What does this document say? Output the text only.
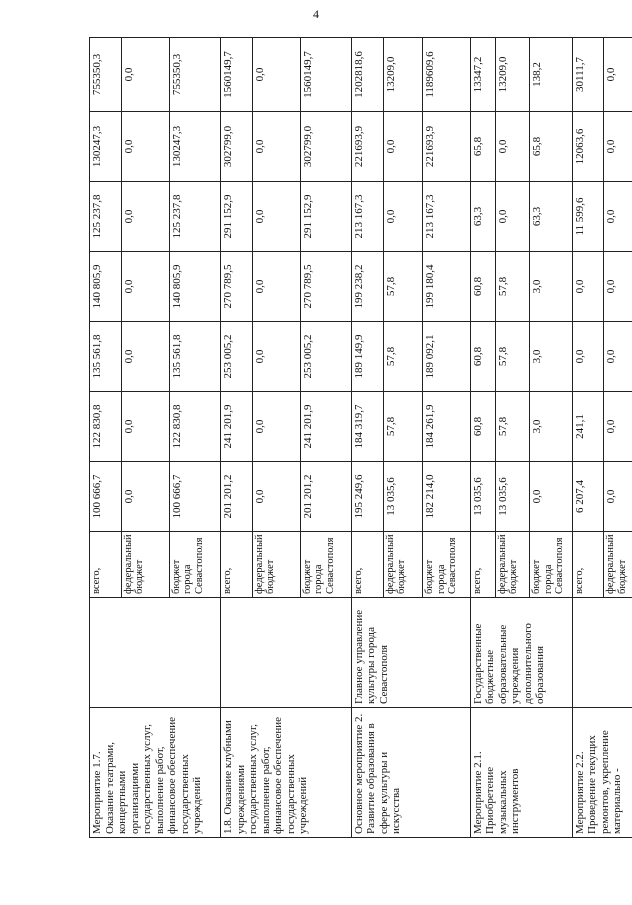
4
Мероприятие 1.7. Оказание театрами, концертными организациями государственных услуг, выполнение работ, финансовое обеспечение государственных учреждений		всего,	100 666,7	122 830,8	135 561,8	140 805,9	125 237,8	130247,3	755350,3
		федеральный бюджет	0,0	0,0	0,0	0,0	0,0	0,0	0,0
		бюджет города Севастополя	100 666,7	122 830,8	135 561,8	140 805,9	125 237,8	130247,3	755350,3
1.8. Оказание клубными учреждениями государственных услуг, выполнение работ, финансовое обеспечение государственных учреждений		всего,	201 201,2	241 201,9	253 005,2	270 789,5	291 152,9	302799,0	1560149,7
		федеральный бюджет	0,0	0,0	0,0	0,0	0,0	0,0	0,0
		бюджет города Севастополя	201 201,2	241 201,9	253 005,2	270 789,5	291 152,9	302799,0	1560149,7
Основное мероприятие 2. Развитие образования в сфере культуры и искусства	Главное управление культуры города Севастополя	всего,	195 249,6	184 319,7	189 149,9	199 238,2	213 167,3	221693,9	1202818,6
		федеральный бюджет	13 035,6	57,8	57,8	57,8	0,0	0,0	13209,0
		бюджет города Севастополя	182 214,0	184 261,9	189 092,1	199 180,4	213 167,3	221693,9	1189609,6
Мероприятие 2.1. Приобретение музыкальных инструментов	Государственные бюджетные образовательные учреждения дополнительного образования	всего,	13 035,6	60,8	60,8	60,8	63,3	65,8	13347,2
		федеральный бюджет	13 035,6	57,8	57,8	57,8	0,0	0,0	13209,0
		бюджет города Севастополя	0,0	3,0	3,0	3,0	63,3	65,8	138,2
Мероприятие 2.2. Проведение текущих ремонтов, укрепление материально -		всего,	6 207,4	241,1	0,0	0,0	11 599,6	12063,6	30111,7
		федеральный бюджет	0,0	0,0	0,0	0,0	0,0	0,0	0,0
